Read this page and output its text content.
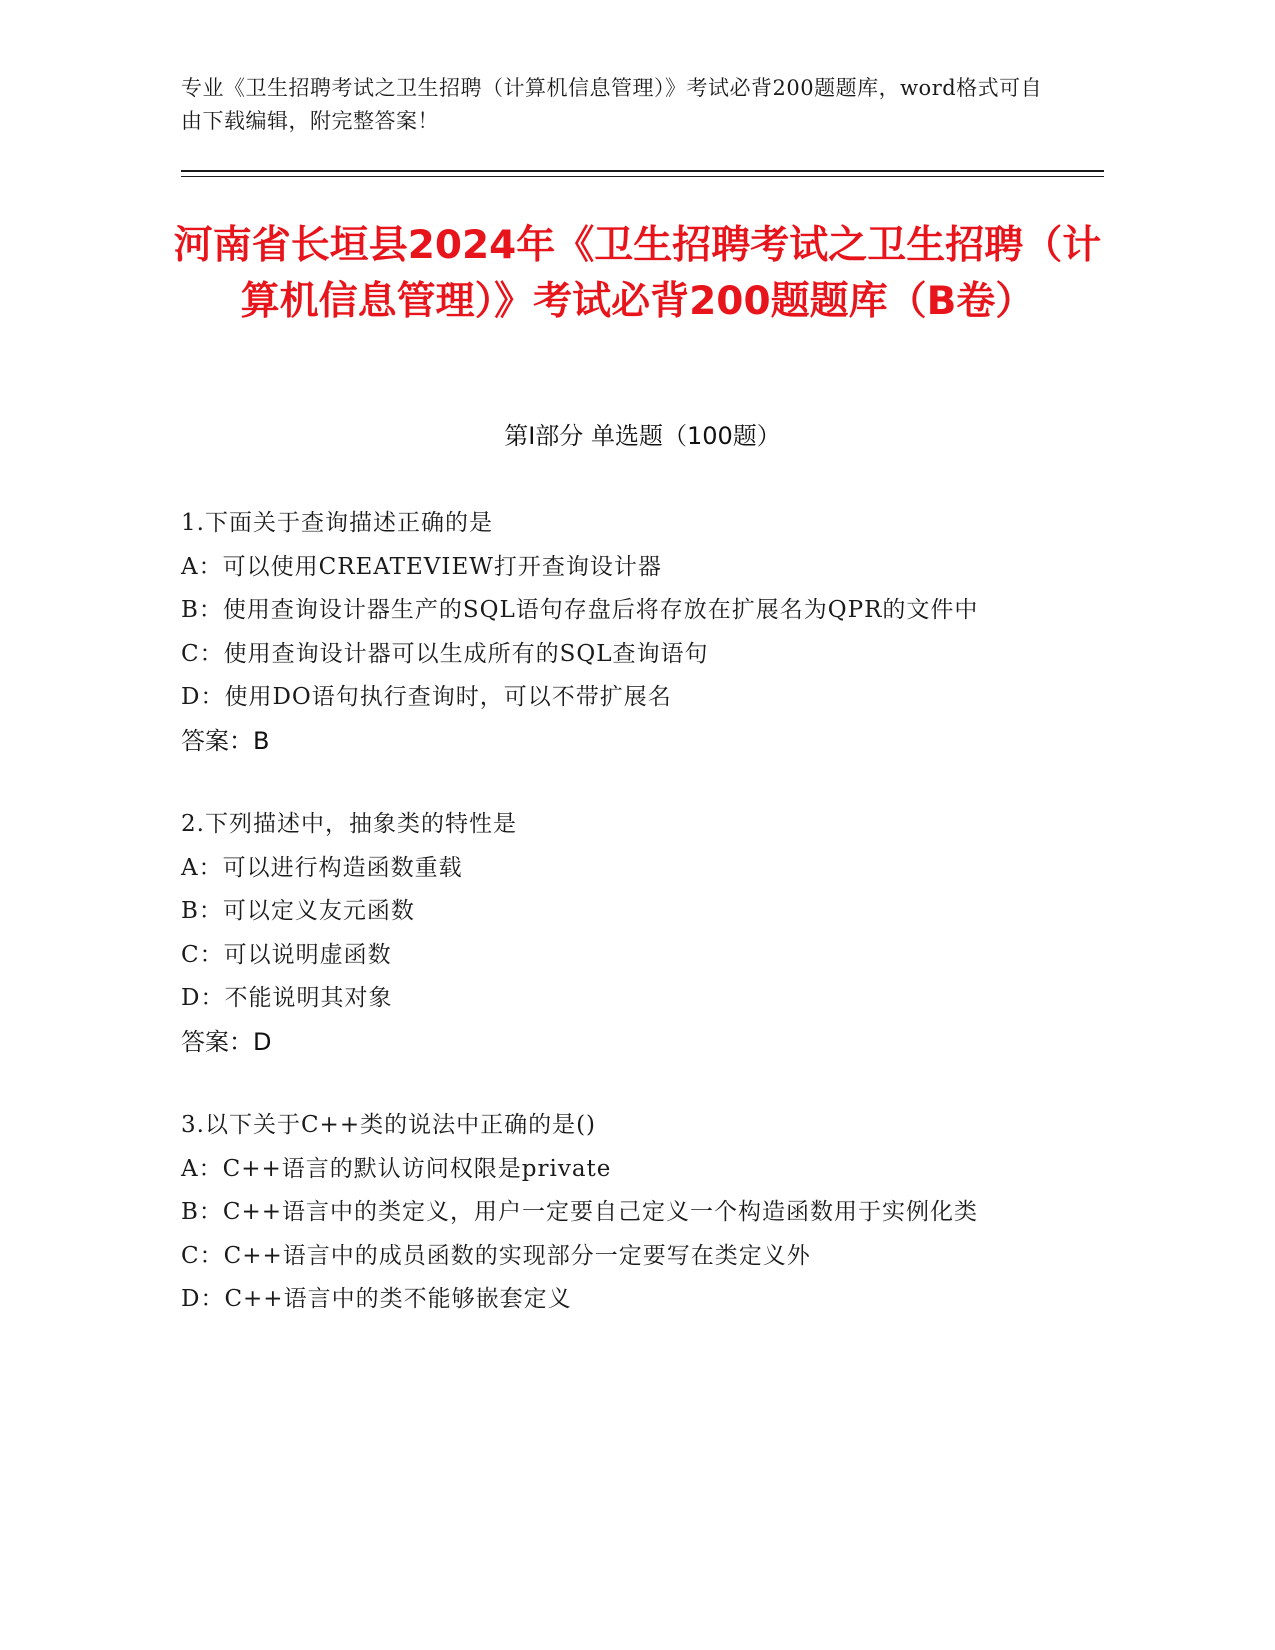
专业《卫生招聘考试之卫生招聘（计算机信息管理）》考试必背200题题库，word格式可自由下载编辑，附完整答案！
河南省长垣县2024年《卫生招聘考试之卫生招聘（计算机信息管理）》考试必背200题题库（B卷）
第Ⅰ部分 单选题（100题）
1.下面关于查询描述正确的是
A：可以使用CREATEVIEW打开查询设计器
B：使用查询设计器生产的SQL语句存盘后将存放在扩展名为QPR的文件中
C：使用查询设计器可以生成所有的SQL查询语句
D：使用DO语句执行查询时，可以不带扩展名
答案：B
2.下列描述中，抽象类的特性是
A：可以进行构造函数重载
B：可以定义友元函数
C：可以说明虚函数
D：不能说明其对象
答案：D
3.以下关于C++类的说法中正确的是()
A：C++语言的默认访问权限是private
B：C++语言中的类定义，用户一定要自己定义一个构造函数用于实例化类
C：C++语言中的成员函数的实现部分一定要写在类定义外
D：C++语言中的类不能够嵌套定义
